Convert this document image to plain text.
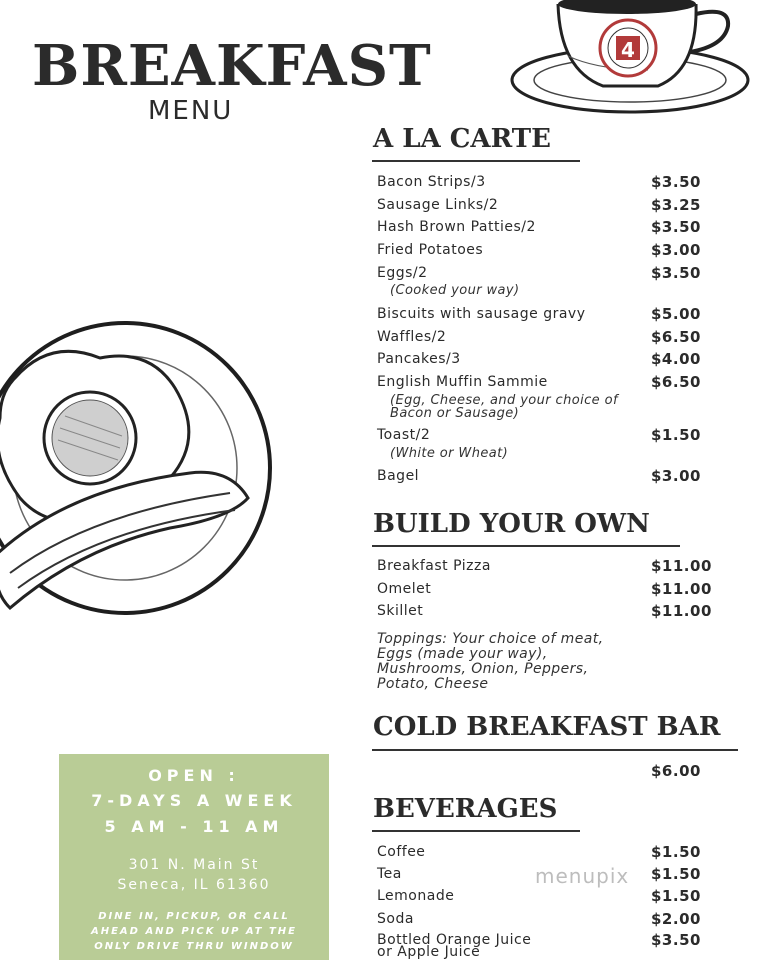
BREAKFAST
MENU
4
A LA CARTE
Bacon Strips/3	$3.50
Sausage Links/2	$3.25
Hash Brown Patties/2	$3.50
Fried Potatoes	$3.00
Eggs/2	$3.50
(Cooked your way)
Biscuits with sausage gravy	$5.00
Waffles/2	$6.50
Pancakes/3	$4.00
English Muffin Sammie	$6.50
(Egg, Cheese, and your choice of
Bacon or Sausage)
Toast/2	$1.50
(White or Wheat)
Bagel	$3.00
BUILD YOUR OWN
Breakfast Pizza	$11.00
Omelet	$11.00
Skillet	$11.00
Toppings: Your choice of meat,
Eggs (made your way),
Mushrooms, Onion, Peppers,
Potato, Cheese
COLD BREAKFAST BAR
$6.00
BEVERAGES
Coffee	$1.50
Tea	$1.50
Lemonade	$1.50
Soda	$2.00
Bottled Orange Juice	$3.50
or Apple Juice
menupix
OPEN :
7-DAYS A WEEK
5 AM - 11 AM
301 N. Main St
Seneca, IL 61360
DINE IN, PICKUP, OR CALL
AHEAD AND PICK UP AT THE
ONLY DRIVE THRU WINDOW
